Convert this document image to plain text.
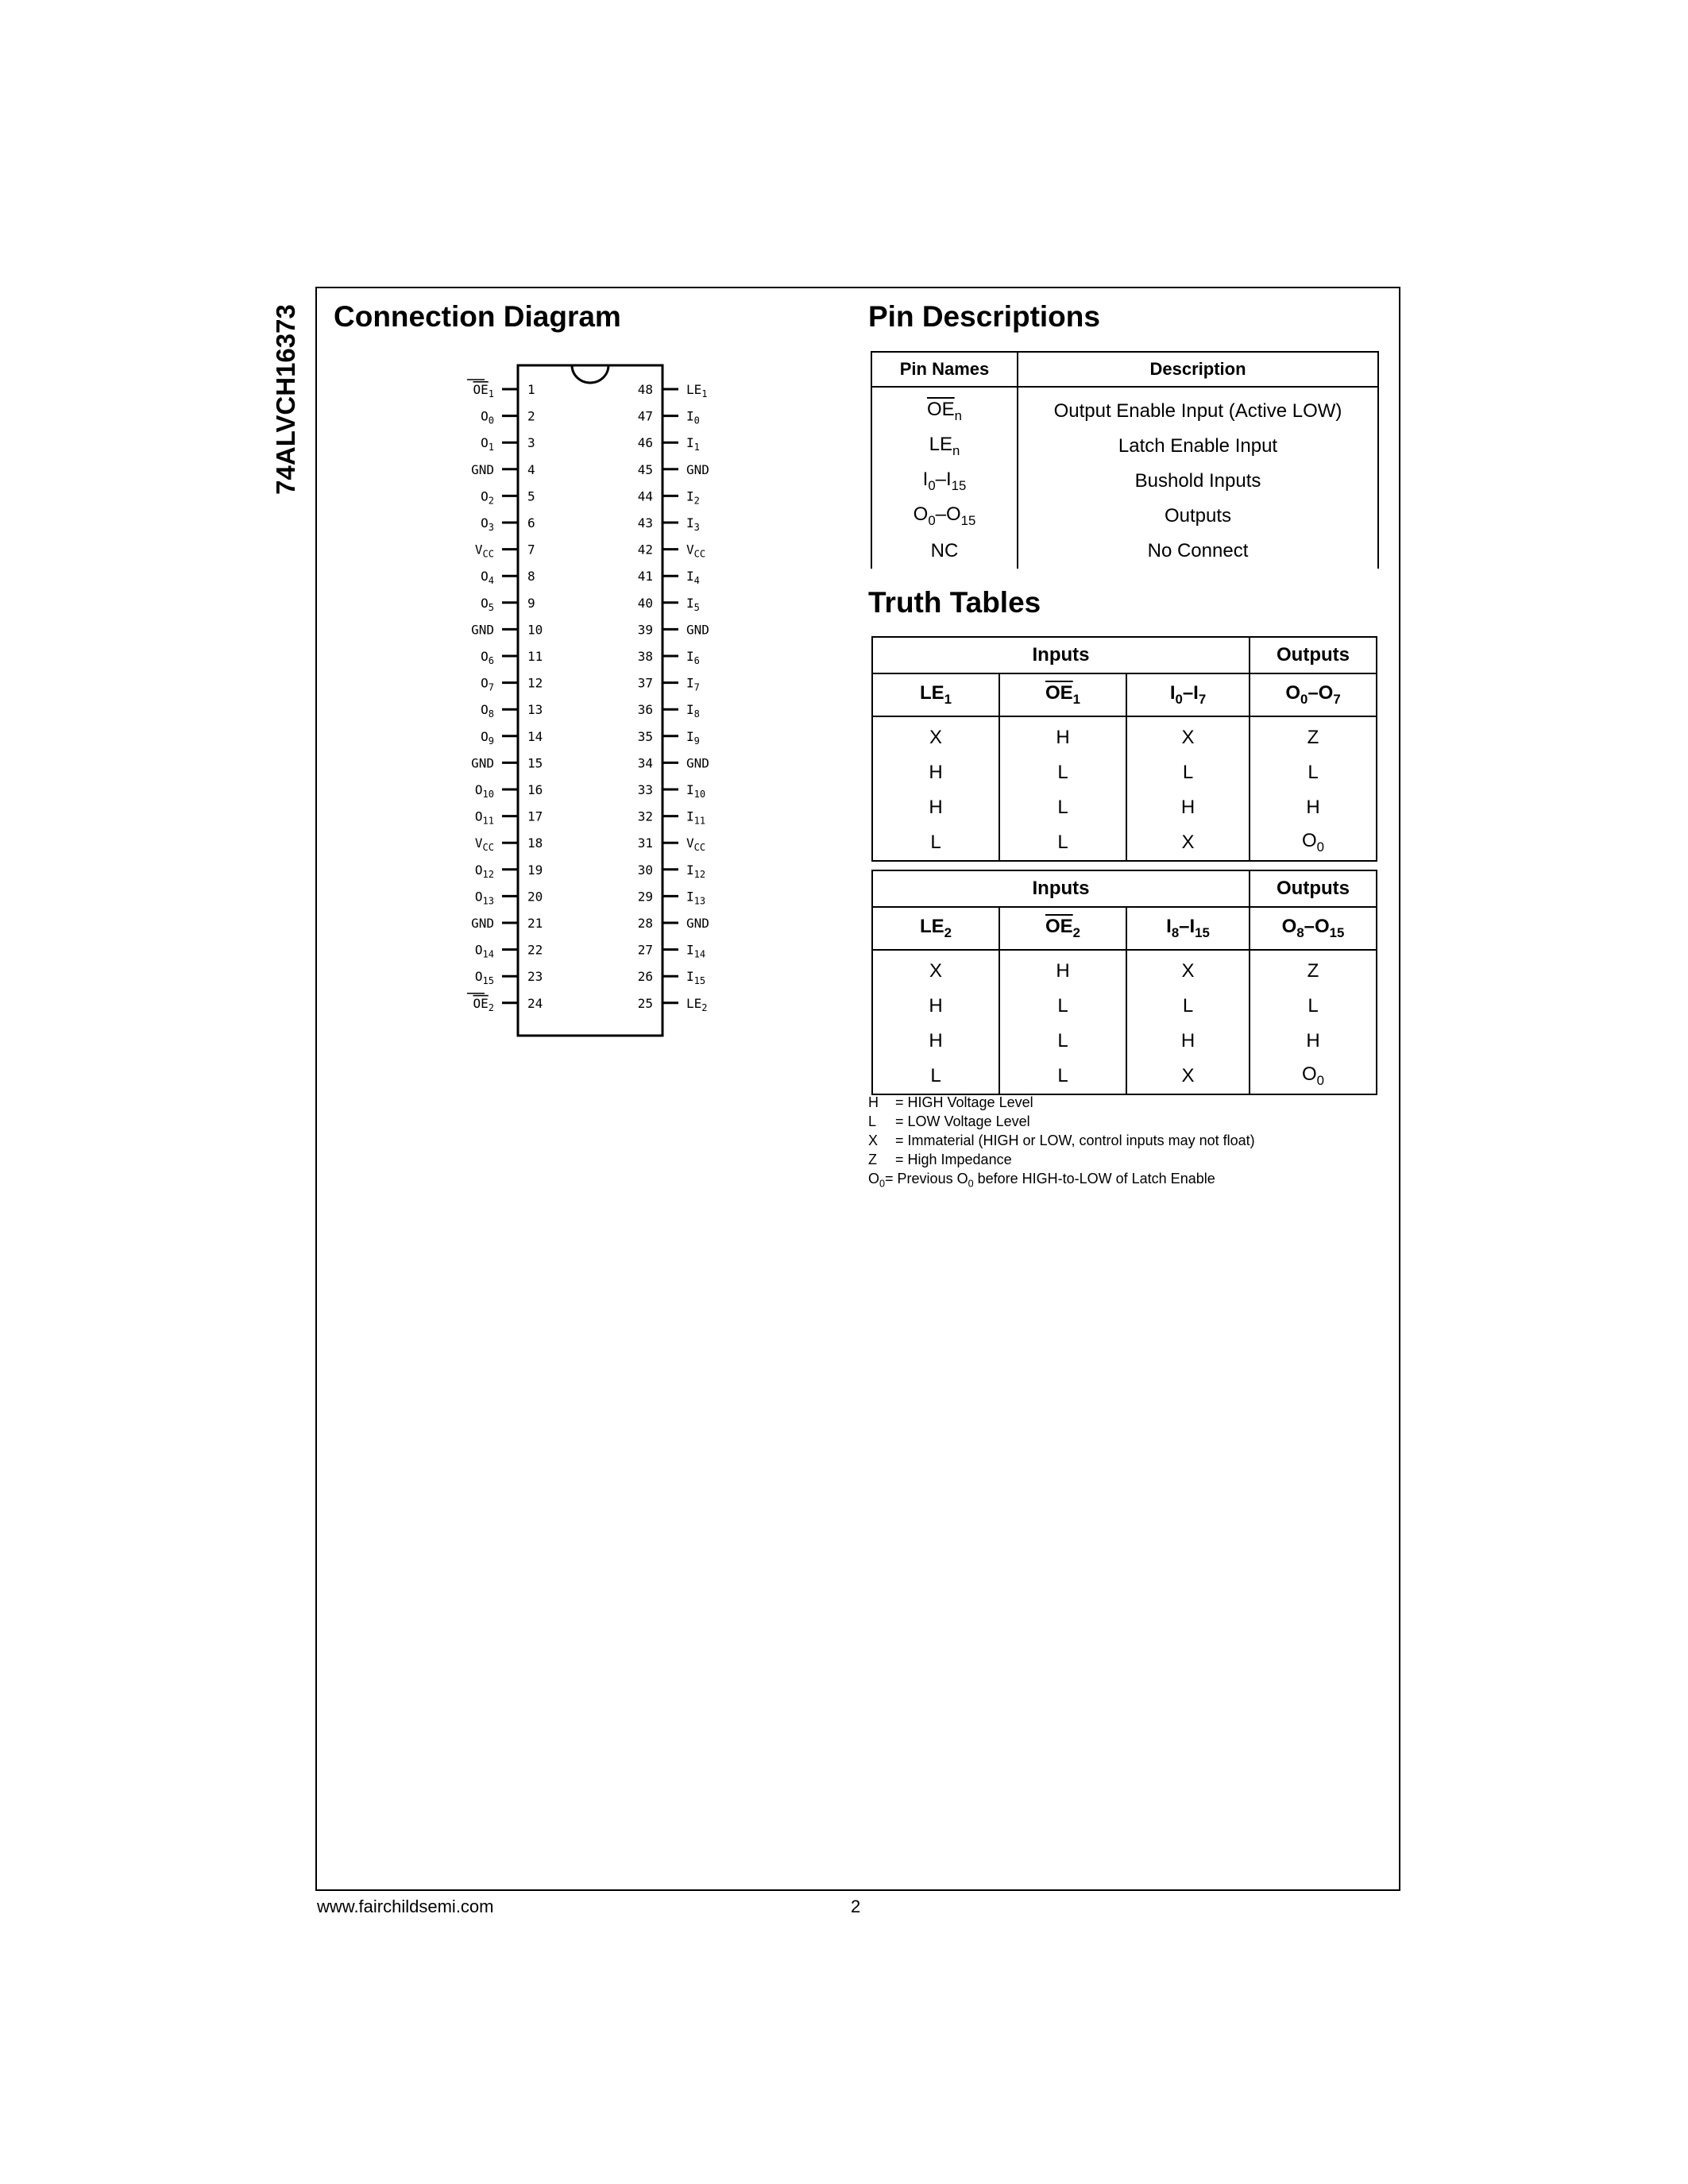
74ALVCH16373 Connection Diagram
1
$OE_1$
2
$O_0$
3
$O_1$
4
GND
5
$O_2$
6
$O_3$
7
$V_{CC}$
8
$O_4$
9
$O_5$
10
GND
11
$O_6$
12
$O_7$
13
$O_8$
14
$O_9$
15
GND
16
$O_{10}$
17
$O_{11}$
18
$V_{CC}$
19
$O_{12}$
20
$O_{13}$
21
GND
22
$O_{14}$
23
$O_{15}$
24
$OE_2$
48	$LE_1$
47	$I_0$
46	$I_1$
45	GND
44	$I_2$
43	$I_3$
42	$V_{CC}$
41	$I_4$
40	$I_5$
39	GND
38	$I_6$
37	$I_7$
36	$I_8$
35	$I_9$
34	GND
33	$I_{10}$
32	$I_{11}$
31	$V_{CC}$
30	$I_{12}$
29	$I_{13}$
28	GND
27	$I_{14}$
26	$I_{15}$
25	$LE_2$
Pin Descriptions
Pin Names	Description
$\overline{OE}_n$	Output Enable Input (Active LOW)
$LE_n$	Latch Enable Input
$I_0-I_{15}$	Bushold Inputs
$O_0-O_{15}$	Outputs
NC	No Connect
Truth Tables
Inputs			Outputs
$LE_1$	$\overline{OE}_1$	$I_0-I_7$	$O_0-O_7$
X	H	X	Z
H	L	L	L
H	L	H	H
L	L	X	$O_0$
Inputs			Outputs
$LE_2$	$\overline{OE}_2$	$I_8-I_{15}$	$O_8-O_{15}$
X	H	X	Z
H	L	L	L
H	L	H	H
L	L	X	$O_0$
H = HIGH Voltage Level
L = LOW Voltage Level
X = Immaterial (HIGH or LOW, control inputs may not float)
Z = High Impedance
$O_0=$ Previous $O_0$ before HIGH-to-LOW of Latch Enable
www.fairchildsemi.com	2
